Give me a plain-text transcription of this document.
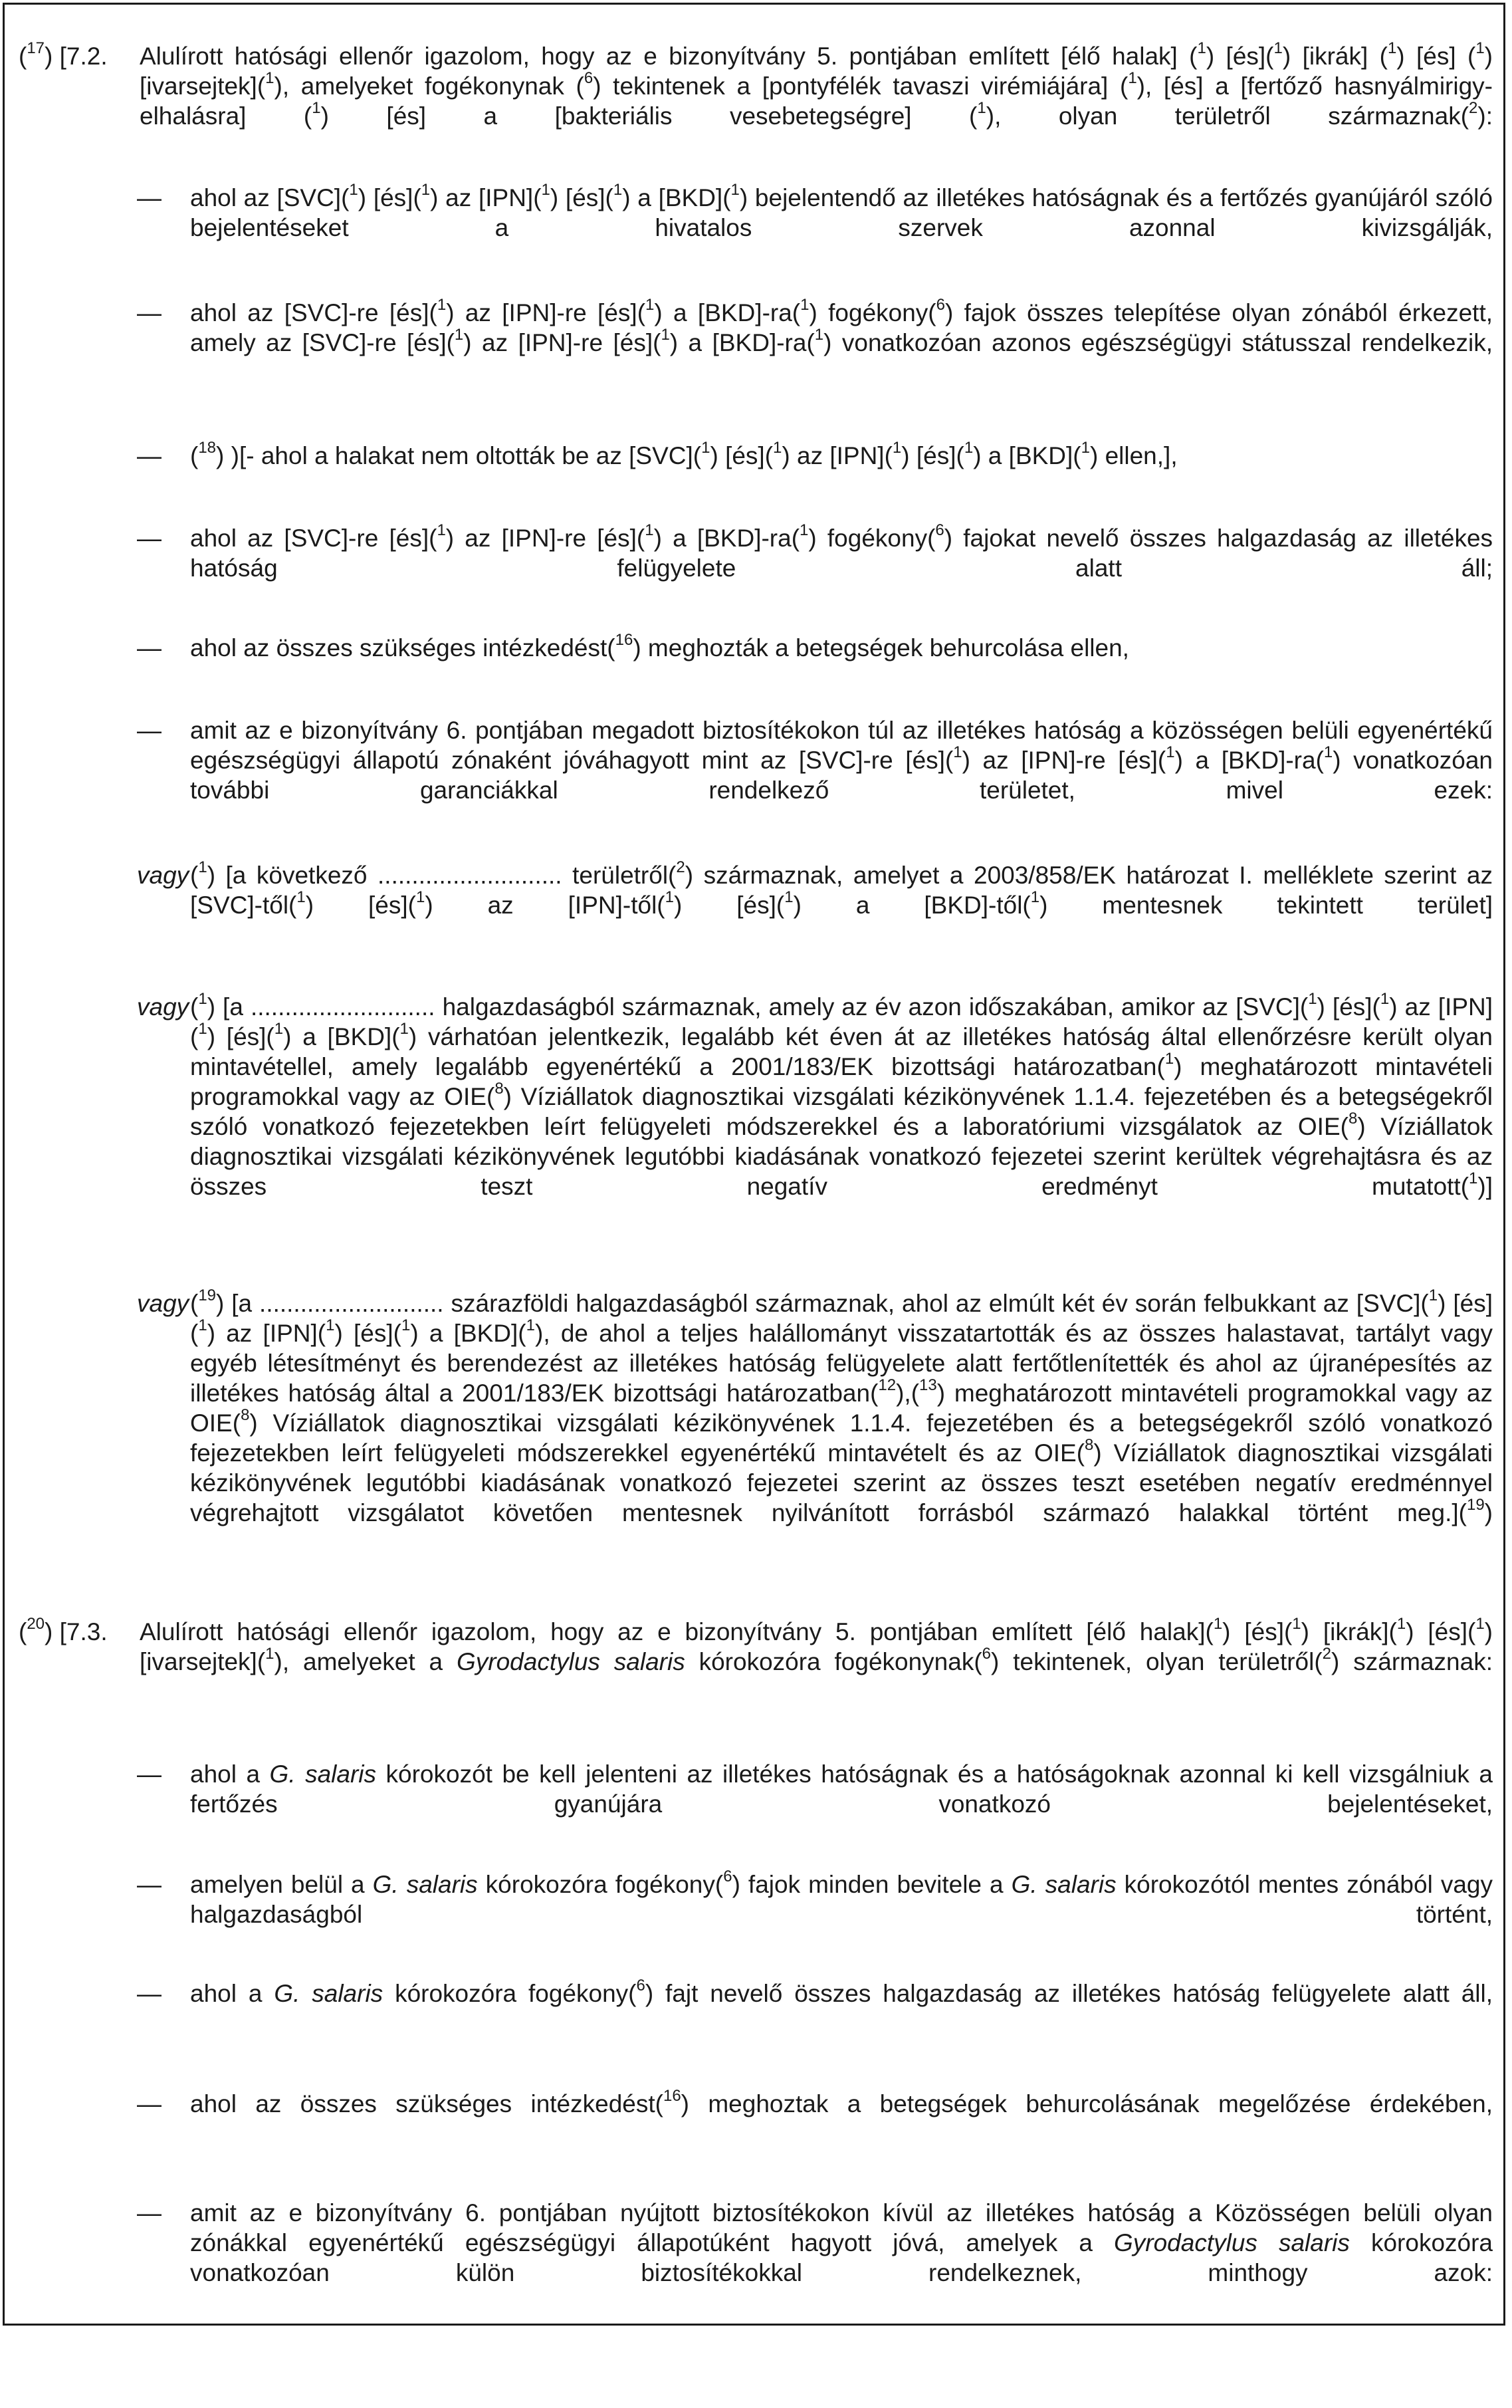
($^{17}$) [7.2. Alulírott hatósági ellenőr igazolom, hogy az e bizonyítvány 5. pontjában említett [élő halak] ($^1$) [és]($^1$) [ikrák] ($^1$) [és] ($^1$) [ivarsejtek]($^1$), amelyeket fogékonynak ($^6$) tekintenek a [pontyfélék tavaszi virémiájára] ($^1$), [és] a [fertőző hasnyálmirigy-elhalásra] ($^1$) [és] a [bakteriális vesebetegségre] ($^1$), olyan területről származnak($^2$):
— ahol az [SVC]($^1$) [és]($^1$) az [IPN]($^1$) [és]($^1$) a [BKD]($^1$) bejelentendő az illetékes hatóságnak és a fertőzés gyanújáról szóló bejelentéseket a hivatalos szervek azonnal kivizsgálják,
— ahol az [SVC]-re [és]($^1$) az [IPN]-re [és]($^1$) a [BKD]-ra($^1$) fogékony($^6$) fajok összes telepítése olyan zónából érkezett, amely az [SVC]-re [és]($^1$) az [IPN]-re [és]($^1$) a [BKD]-ra($^1$) vonatkozóan azonos egészségügyi státusszal rendelkezik,
— ($^{18}$) )[- ahol a halakat nem oltották be az [SVC]($^1$) [és]($^1$) az [IPN]($^1$) [és]($^1$) a [BKD]($^1$) ellen,],
— ahol az [SVC]-re [és]($^1$) az [IPN]-re [és]($^1$) a [BKD]-ra($^1$) fogékony($^6$) fajokat nevelő összes halgazdaság az illetékes hatóság felügyelete alatt áll;
— ahol az összes szükséges intézkedést($^{16}$) meghozták a betegségek behurcolása ellen,
— amit az e bizonyítvány 6. pontjában megadott biztosítékokon túl az illetékes hatóság a közösségen belüli egyenértékű egészségügyi állapotú zónaként jóváhagyott mint az [SVC]-re [és]($^1$) az [IPN]-re [és]($^1$) a [BKD]-ra($^1$) vonatkozóan további garanciákkal rendelkező területet, mivel ezek:
vagy ($^1$) [a következő ........................... területről($^2$) származnak, amelyet a 2003/858/EK határozat I. melléklete szerint az [SVC]-től($^1$) [és]($^1$) az [IPN]-től($^1$) [és]($^1$) a [BKD]-től($^1$) mentesnek tekintett terület]
vagy ($^1$) [a ........................... halgazdaságból származnak, amely az év azon időszakában, amikor az [SVC]($^1$) [és]($^1$) az [IPN]($^1$) [és]($^1$) a [BKD]($^1$) várhatóan jelentkezik, legalább két éven át az illetékes hatóság által ellenőrzésre került olyan mintavétellel, amely legalább egyenértékű a 2001/183/EK bizottsági határozatban($^1$) meghatározott mintavételi programokkal vagy az OIE($^8$) Víziállatok diagnosztikai vizsgálati kézikönyvének 1.1.4. fejezetében és a betegségekről szóló vonatkozó fejezetekben leírt felügyeleti módszerekkel és a laboratóriumi vizsgálatok az OIE($^8$) Víziállatok diagnosztikai vizsgálati kézikönyvének legutóbbi kiadásának vonatkozó fejezetei szerint kerültek végrehajtásra és az összes teszt negatív eredményt mutatott($^1$)]
vagy ($^{19}$) [a ........................... szárazföldi halgazdaságból származnak, ahol az elmúlt két év során felbukkant az [SVC]($^1$) [és]($^1$) az [IPN]($^1$) [és]($^1$) a [BKD]($^1$), de ahol a teljes halállományt visszatartották és az összes halastavat, tartályt vagy egyéb létesítményt és berendezést az illetékes hatóság felügyelete alatt fertőtlenítették és ahol az újranépesítés az illetékes hatóság által a 2001/183/EK bizottsági határozatban($^{12}$),($^{13}$) meghatározott mintavételi programokkal vagy az OIE($^8$) Víziállatok diagnosztikai vizsgálati kézikönyvének 1.1.4. fejezetében és a betegségekről szóló vonatkozó fejezetekben leírt felügyeleti módszerekkel egyenértékű mintavételt és az OIE($^8$) Víziállatok diagnosztikai vizsgálati kézikönyvének legutóbbi kiadásának vonatkozó fejezetei szerint az összes teszt esetében negatív eredménnyel végrehajtott vizsgálatot követően mentesnek nyilvánított forrásból származó halakkal történt meg.]($^{19}$)
($^{20}$) [7.3. Alulírott hatósági ellenőr igazolom, hogy az e bizonyítvány 5. pontjában említett [élő halak]($^1$) [és]($^1$) [ikrák]($^1$) [és]($^1$) [ivarsejtek]($^1$), amelyeket a Gyrodactylus salaris kórokozóra fogékonynak($^6$) tekintenek, olyan területről($^2$) származnak:
— ahol a G. salaris kórokozót be kell jelenteni az illetékes hatóságnak és a hatóságoknak azonnal ki kell vizsgálniuk a fertőzés gyanújára vonatkozó bejelentéseket,
— amelyen belül a G. salaris kórokozóra fogékony($^6$) fajok minden bevitele a G. salaris kórokozótól mentes zónából vagy halgazdaságból történt,
— ahol a G. salaris kórokozóra fogékony($^6$) fajt nevelő összes halgazdaság az illetékes hatóság felügyelete alatt áll,
— ahol az összes szükséges intézkedést($^{16}$) meghoztak a betegségek behurcolásának megelőzése érdekében,
— amit az e bizonyítvány 6. pontjában nyújtott biztosítékokon kívül az illetékes hatóság a Közösségen belüli olyan zónákkal egyenértékű egészségügyi állapotúként hagyott jóvá, amelyek a Gyrodactylus salaris kórokozóra vonatkozóan külön biztosítékokkal rendelkeznek, minthogy azok:
